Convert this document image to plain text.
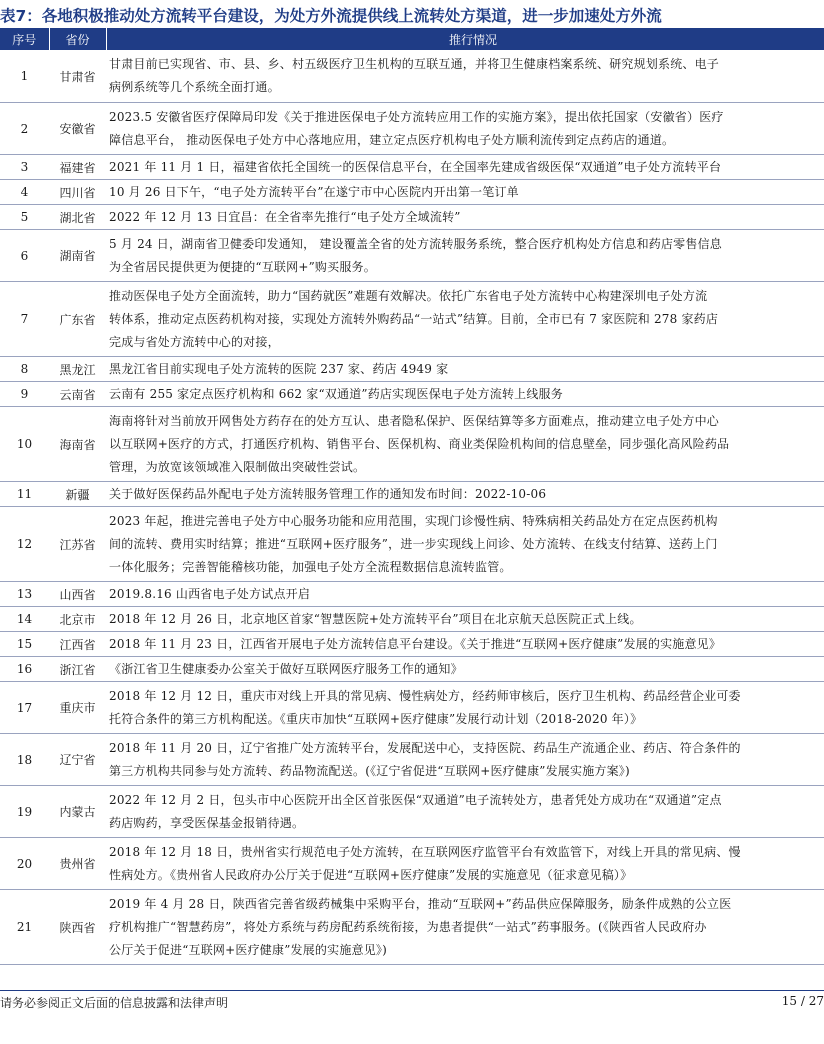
表7：各地积极推动处方流转平台建设，为处方外流提供线上流转处方渠道，进一步加速处方外流
序号	省份	推行情况
1	甘肃省	甘肃目前已实现省、市、县、乡、村五级医疗卫生机构的互联互通，并将卫生健康档案系统、研究规划系统、电子
病例系统等几个系统全面打通。

2	安徽省	2023.5 安徽省医疗保障局印发《关于推进医保电子处方流转应用工作的实施方案》，提出依托国家（安徽省）医疗
障信息平台， 推动医保电子处方中心落地应用，建立定点医疗机构电子处方顺利流传到定点药店的通道。

3	福建省	2021 年 11 月 1 日，福建省依托全国统一的医保信息平台，在全国率先建成省级医保“双通道”电子处方流转平台

4	四川省	10 月 26 日下午，“电子处方流转平台”在遂宁市中心医院内开出第一笔订单

5	湖北省	2022 年 12 月 13 日宜昌：在全省率先推行“电子处方全域流转”

6	湖南省	5 月 24 日，湖南省卫健委印发通知， 建设覆盖全省的处方流转服务系统，整合医疗机构处方信息和药店零售信息
为全省居民提供更为便捷的“互联网+”购买服务。

7	广东省	推动医保电子处方全面流转，助力“国药就医”难题有效解决。依托广东省电子处方流转中心构建深圳电子处方流
转体系，推动定点医药机构对接，实现处方流转外购药品“一站式”结算。目前，全市已有 7 家医院和 278 家药店
完成与省处方流转中心的对接，

8	黑龙江	黑龙江省目前实现电子处方流转的医院 237 家、药店 4949 家

9	云南省	云南有 255 家定点医疗机构和 662 家“双通道”药店实现医保电子处方流转上线服务

10	海南省	海南将针对当前放开网售处方药存在的处方互认、患者隐私保护、医保结算等多方面难点，推动建立电子处方中心
以互联网+医疗的方式，打通医疗机构、销售平台、医保机构、商业类保险机构间的信息壁垒，同步强化高风险药品
管理，为放宽该领域准入限制做出突破性尝试。

11	新疆	关于做好医保药品外配电子处方流转服务管理工作的通知发布时间：2022-10-06

12	江苏省	2023 年起，推进完善电子处方中心服务功能和应用范围，实现门诊慢性病、特殊病相关药品处方在定点医药机构
间的流转、费用实时结算；推进“互联网+医疗服务”，进一步实现线上问诊、处方流转、在线支付结算、送药上门
一体化服务；完善智能稽核功能，加强电子处方全流程数据信息流转监管。

13	山西省	2019.8.16 山西省电子处方试点开启

14	北京市	2018 年 12 月 26 日，北京地区首家“智慧医院+处方流转平台”项目在北京航天总医院正式上线。

15	江西省	2018 年 11 月 23 日，江西省开展电子处方流转信息平台建设。《关于推进“互联网+医疗健康”发展的实施意见》

16	浙江省	《浙江省卫生健康委办公室关于做好互联网医疗服务工作的通知》

17	重庆市	2018 年 12 月 12 日，重庆市对线上开具的常见病、慢性病处方，经药师审核后，医疗卫生机构、药品经营企业可委
托符合条件的第三方机构配送。《重庆市加快“互联网+医疗健康”发展行动计划（2018-2020 年）》

18	辽宁省	2018 年 11 月 20 日，辽宁省推广处方流转平台，发展配送中心，支持医院、药品生产流通企业、药店、符合条件的
第三方机构共同参与处方流转、药品物流配送。(《辽宁省促进“互联网+医疗健康”发展实施方案》)

19	内蒙古	2022 年 12 月 2 日，包头市中心医院开出全区首张医保“双通道”电子流转处方，患者凭处方成功在“双通道”定点
药店购药，享受医保基金报销待遇。

20	贵州省	2018 年 12 月 18 日，贵州省实行规范电子处方流转，在互联网医疗监管平台有效监管下，对线上开具的常见病、慢
性病处方。《贵州省人民政府办公厅关于促进“互联网+医疗健康”发展的实施意见（征求意见稿）》

21	陕西省	2019 年 4 月 28 日，陕西省完善省级药械集中采购平台，推动“互联网+”药品供应保障服务，励条件成熟的公立医
疗机构推广“智慧药房”，将处方系统与药房配药系统衔接，为患者提供“一站式”药事服务。(《陕西省人民政府办
公厅关于促进“互联网+医疗健康”发展的实施意见》)
请务必参阅正文后面的信息披露和法律声明	15 / 27
